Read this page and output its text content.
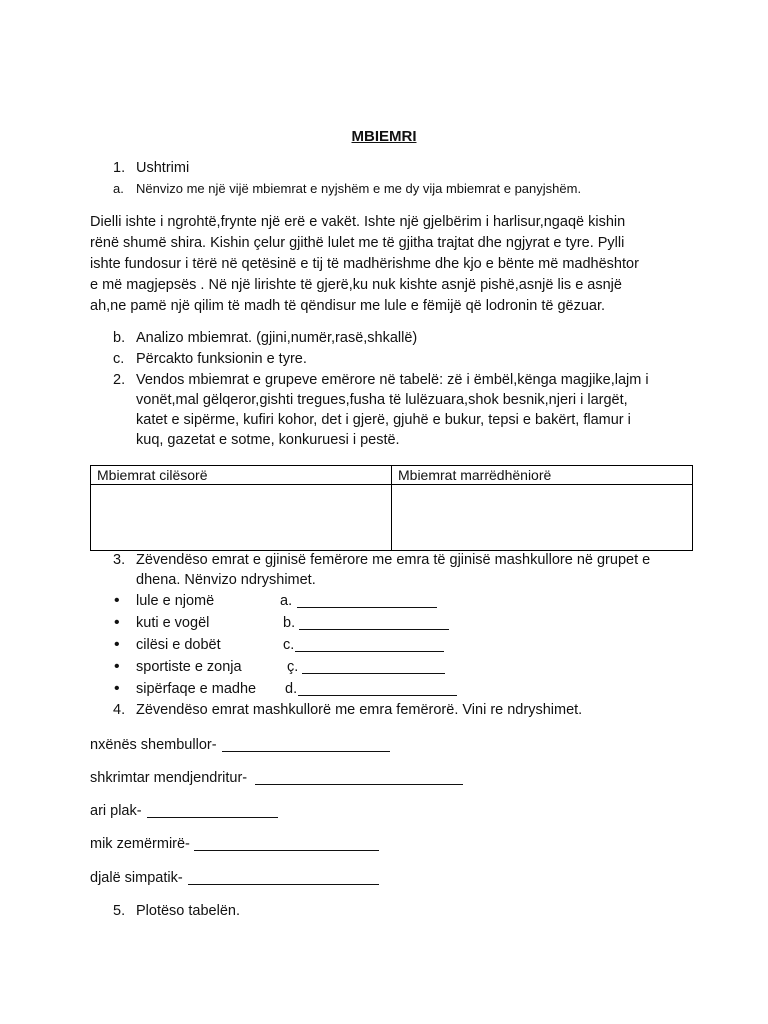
MBIEMRI
1. Ushtrimi
a. Nënvizo me një vijë mbiemrat e nyjshëm e me dy vija mbiemrat e panyjshëm.
Dielli ishte i ngrohtë,frynte një erë e vakët. Ishte një gjelbërim i harlisur,ngaqë kishin
rënë shumë shira. Kishin çelur gjithë lulet me të gjitha trajtat dhe ngjyrat e tyre. Pylli
ishte fundosur i tërë në qetësinë e tij të madhërishme dhe kjo e bënte më madhështor
e më magjepsës . Në një lirishte të gjerë,ku nuk kishte asnjë pishë,asnjë lis e asnjë
ah,ne pamë një qilim të madh të qëndisur me lule e fëmijë që lodronin të gëzuar.
b. Analizo mbiemrat. (gjini,numër,rasë,shkallë)
c. Përcakto funksionin e tyre.
2. Vendos mbiemrat e grupeve emërore në tabelë: zë i ëmbël,kënga magjike,lajm i
vonët,mal gëlqeror,gishti tregues,fusha të lulëzuara,shok besnik,njeri i largët,
katet e sipërme, kufiri kohor, det i gjerë, gjuhë e bukur, tepsi e bakërt, flamur i
kuq, gazetat e sotme, konkuruesi i pestë.
Mbiemrat cilësorë	Mbiemrat marrëdhëniorë

3. Zëvendëso emrat e gjinisë femërore me emra të gjinisë mashkullore në grupet e
dhena. Nënvizo ndryshimet.
• lule e njomë	a.
• kuti e vogël	b.
• cilësi e dobët	c.
• sportiste e zonja	ç.
• sipërfaqe e madhe d.
4. Zëvendëso emrat mashkullorë me emra femërorë. Vini re ndryshimet.
nxënës shembullor-
shkrimtar mendjendritur-
ari plak-
mik zemërmirë-
djalë simpatik-
5. Plotëso tabelën.
